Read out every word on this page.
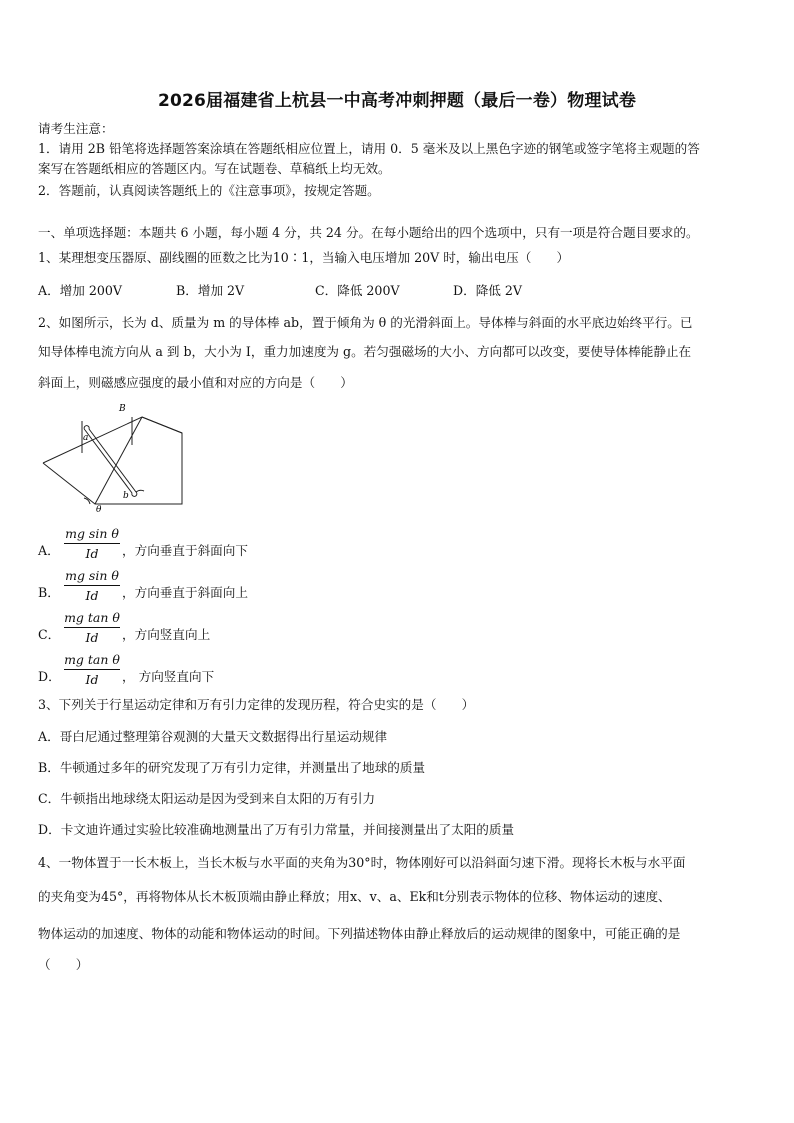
2026届福建省上杭县一中高考冲刺押题（最后一卷）物理试卷
请考生注意：
1．请用 2B 铅笔将选择题答案涂填在答题纸相应位置上，请用 0．5 毫米及以上黑色字迹的钢笔或签字笔将主观题的答
案写在答题纸相应的答题区内。写在试题卷、草稿纸上均无效。
2．答题前，认真阅读答题纸上的《注意事项》，按规定答题。
一、单项选择题：本题共 6 小题，每小题 4 分，共 24 分。在每小题给出的四个选项中，只有一项是符合题目要求的。
1、某理想变压器原、副线圈的匝数之比为10∶1，当输入电压增加 20V 时，输出电压（　　）
A．增加 200V	B．增加 2V	C．降低 200V	D．降低 2V
2、如图所示，长为 d、质量为 m 的导体棒 ab，置于倾角为 θ 的光滑斜面上。导体棒与斜面的水平底边始终平行。已
知导体棒电流方向从 a 到 b，大小为 I，重力加速度为 g。若匀强磁场的大小、方向都可以改变，要使导体棒能静止在
斜面上，则磁感应强度的最小值和对应的方向是（　　）
B
a
b
θ
A．
mg sin θ
Id	，方向垂直于斜面向下
B．
mg sin θ
Id	，方向垂直于斜面向上
C．
mg tan θ
Id	，方向竖直向上
D．
mg tan θ
Id	， 方向竖直向下
3、下列关于行星运动定律和万有引力定律的发现历程，符合史实的是（　　）
A．哥白尼通过整理第谷观测的大量天文数据得出行星运动规律
B．牛顿通过多年的研究发现了万有引力定律，并测量出了地球的质量
C．牛顿指出地球绕太阳运动是因为受到来自太阳的万有引力
D．卡文迪许通过实验比较准确地测量出了万有引力常量，并间接测量出了太阳的质量
4、一物体置于一长木板上，当长木板与水平面的夹角为30°时，物体刚好可以沿斜面匀速下滑。现将长木板与水平面
的夹角变为45°，再将物体从长木板顶端由静止释放；用x、v、a、Ek和t分别表示物体的位移、物体运动的速度、
物体运动的加速度、物体的动能和物体运动的时间。下列描述物体由静止释放后的运动规律的图象中，可能正确的是
（　　）
